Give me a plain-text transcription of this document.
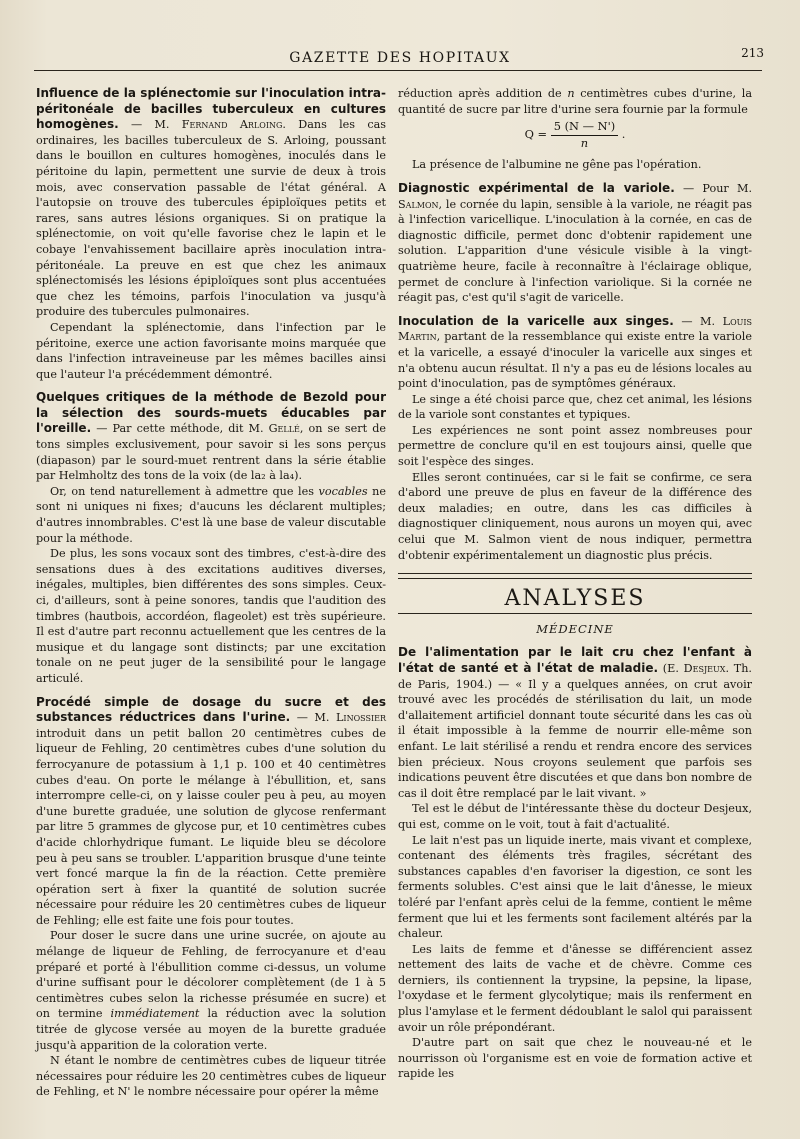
GAZETTE DES HOPITAUX	213

Influence de la splénectomie sur l'inoculation intra-péritonéale de bacilles tuberculeux en cultures homogènes. — M. Fernand Arloing. Dans les cas ordinaires, les bacilles tuberculeux de S. Arloing, poussant dans le bouillon en cultures homogènes, inoculés dans le péritoine du lapin, permettent une survie de deux à trois mois, avec conservation passable de l'état général. A l'autopsie on trouve des tubercules épiploïques petits et rares, sans autres lésions organiques. Si on pratique la splénectomie, on voit qu'elle favorise chez le lapin et le cobaye l'envahissement bacillaire après inoculation intra-péritonéale. La preuve en est que chez les animaux splénectomisés les lésions épiploïques sont plus accentuées que chez les témoins, parfois l'inoculation va jusqu'à produire des tubercules pulmonaires.

Cependant la splénectomie, dans l'infection par le péritoine, exerce une action favorisante moins marquée que dans l'infection intraveineuse par les mêmes bacilles ainsi que l'auteur l'a précédemment démontré.

Quelques critiques de la méthode de Bezold pour la sélection des sourds-muets éducables par l'oreille. — Par cette méthode, dit M. Gellé, on se sert de tons simples exclusivement, pour savoir si les sons perçus (diapason) par le sourd-muet rentrent dans la série établie par Helmholtz des tons de la voix (de la₂ à la₄).

Or, on tend naturellement à admettre que les vocables ne sont ni uniques ni fixes; d'aucuns les déclarent multiples; d'autres innombrables. C'est là une base de valeur discutable pour la méthode.

De plus, les sons vocaux sont des timbres, c'est-à-dire des sensations dues à des excitations auditives diverses, inégales, multiples, bien différentes des sons simples. Ceux-ci, d'ailleurs, sont à peine sonores, tandis que l'audition des timbres (hautbois, accordéon, flageolet) est très supérieure. Il est d'autre part reconnu actuellement que les centres de la musique et du langage sont distincts; par une excitation tonale on ne peut juger de la sensibilité pour le langage articulé.

Procédé simple de dosage du sucre et des substances réductrices dans l'urine. — M. Linossier introduit dans un petit ballon 20 centimètres cubes de liqueur de Fehling, 20 centimètres cubes d'une solution du ferrocyanure de potassium à 1,1 p. 100 et 40 centimètres cubes d'eau. On porte le mélange à l'ébullition, et, sans interrompre celle-ci, on y laisse couler peu à peu, au moyen d'une burette graduée, une solution de glycose renfermant par litre 5 grammes de glycose pur, et 10 centimètres cubes d'acide chlorhydrique fumant. Le liquide bleu se décolore peu à peu sans se troubler. L'apparition brusque d'une teinte vert foncé marque la fin de la réaction. Cette première opération sert à fixer la quantité de solution sucrée nécessaire pour réduire les 20 centimètres cubes de liqueur de Fehling; elle est faite une fois pour toutes.

Pour doser le sucre dans une urine sucrée, on ajoute au mélange de liqueur de Fehling, de ferrocyanure et d'eau préparé et porté à l'ébullition comme ci-dessus, un volume d'urine suffisant pour le décolorer complètement (de 1 à 5 centimètres cubes selon la richesse présumée en sucre) et on termine immédiatement la réduction avec la solution titrée de glycose versée au moyen de la burette graduée jusqu'à apparition de la coloration verte.

N étant le nombre de centimètres cubes de liqueur titrée nécessaires pour réduire les 20 centimètres cubes de liqueur de Fehling, et N' le nombre nécessaire pour opérer la même

réduction après addition de n centimètres cubes d'urine, la quantité de sucre par litre d'urine sera fournie par la formule

$Q = \frac{5 (N — N')}{n}$ .

La présence de l'albumine ne gêne pas l'opération.

Diagnostic expérimental de la variole. — Pour M. Salmon, le cornée du lapin, sensible à la variole, ne réagit pas à l'infection varicellique. L'inoculation à la cornée, en cas de diagnostic difficile, permet donc d'obtenir rapidement une solution. L'apparition d'une vésicule visible à la vingt-quatrième heure, facile à reconnaître à l'éclairage oblique, permet de conclure à l'infection variolique. Si la cornée ne réagit pas, c'est qu'il s'agit de varicelle.

Inoculation de la varicelle aux singes. — M. Louis Martin, partant de la ressemblance qui existe entre la variole et la varicelle, a essayé d'inoculer la varicelle aux singes et n'a obtenu aucun résultat. Il n'y a pas eu de lésions locales au point d'inoculation, pas de symptômes généraux.

Le singe a été choisi parce que, chez cet animal, les lésions de la variole sont constantes et typiques.

Les expériences ne sont point assez nombreuses pour permettre de conclure qu'il en est toujours ainsi, quelle que soit l'espèce des singes.

Elles seront continuées, car si le fait se confirme, ce sera d'abord une preuve de plus en faveur de la différence des deux maladies; en outre, dans les cas difficiles à diagnostiquer cliniquement, nous aurons un moyen qui, avec celui que M. Salmon vient de nous indiquer, permettra d'obtenir expérimentalement un diagnostic plus précis.

ANALYSES
MÉDECINE

De l'alimentation par le lait cru chez l'enfant à l'état de santé et à l'état de maladie. (E. Desjeux. Th. de Paris, 1904.) — « Il y a quelques années, on crut avoir trouvé avec les procédés de stérilisation du lait, un mode d'allaitement artificiel donnant toute sécurité dans les cas où il était impossible à la femme de nourrir elle-même son enfant. Le lait stérilisé a rendu et rendra encore des services bien précieux. Nous croyons seulement que parfois ses indications peuvent être discutées et que dans bon nombre de cas il doit être remplacé par le lait vivant. »

Tel est le début de l'intéressante thèse du docteur Desjeux, qui est, comme on le voit, tout à fait d'actualité.

Le lait n'est pas un liquide inerte, mais vivant et complexe, contenant des éléments très fragiles, sécrétant des substances capables d'en favoriser la digestion, ce sont les ferments solubles. C'est ainsi que le lait d'ânesse, le mieux toléré par l'enfant après celui de la femme, contient le même ferment que lui et les ferments sont facilement altérés par la chaleur.

Les laits de femme et d'ânesse se différencient assez nettement des laits de vache et de chèvre. Comme ces derniers, ils contiennent la trypsine, la pepsine, la lipase, l'oxydase et le ferment glycolytique; mais ils renferment en plus l'amylase et le ferment dédoublant le salol qui paraissent avoir un rôle prépondérant.

D'autre part on sait que chez le nouveau-né et le nourrisson où l'organisme est en voie de formation active et rapide les
